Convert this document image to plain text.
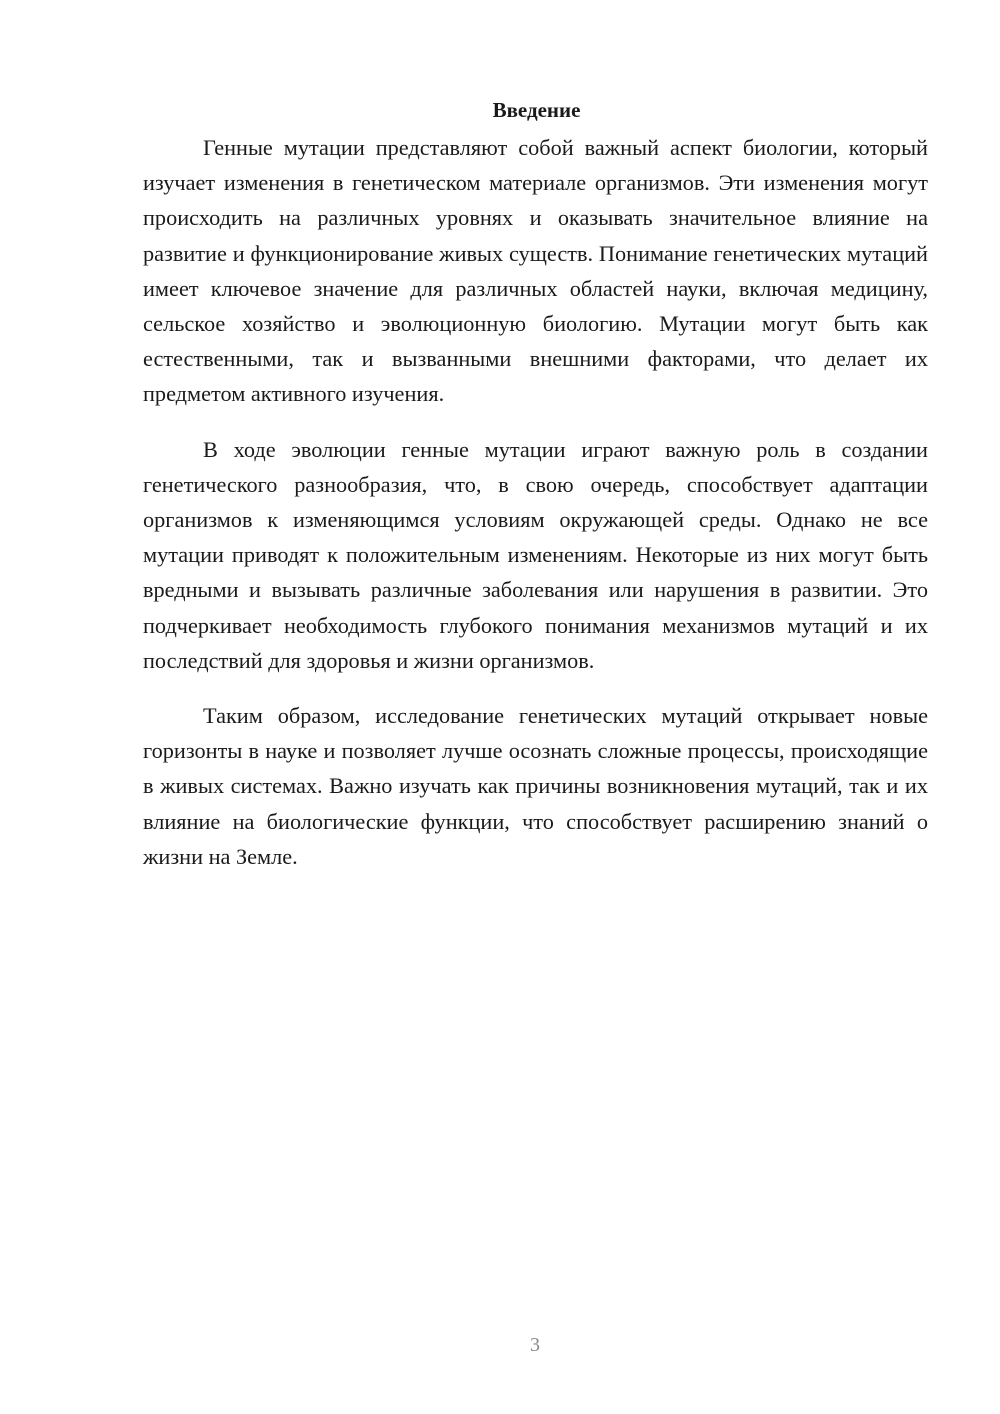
Введение

Генные мутации представляют собой важный аспект биологии, который изучает изменения в генетическом материале организмов. Эти изменения могут происходить на различных уровнях и оказывать значительное влияние на развитие и функционирование живых существ. Понимание генетических мутаций имеет ключевое значение для различных областей науки, включая медицину, сельское хозяйство и эволюционную биологию. Мутации могут быть как естественными, так и вызванными внешними факторами, что делает их предметом активного изучения.

В ходе эволюции генные мутации играют важную роль в создании генетического разнообразия, что, в свою очередь, способствует адаптации организмов к изменяющимся условиям окружающей среды. Однако не все мутации приводят к положительным изменениям. Некоторые из них могут быть вредными и вызывать различные заболевания или нарушения в развитии. Это подчеркивает необходимость глубокого понимания механизмов мутаций и их последствий для здоровья и жизни организмов.

Таким образом, исследование генетических мутаций открывает новые горизонты в науке и позволяет лучше осознать сложные процессы, происходящие в живых системах. Важно изучать как причины возникновения мутаций, так и их влияние на биологические функции, что способствует расширению знаний о жизни на Земле.

3
